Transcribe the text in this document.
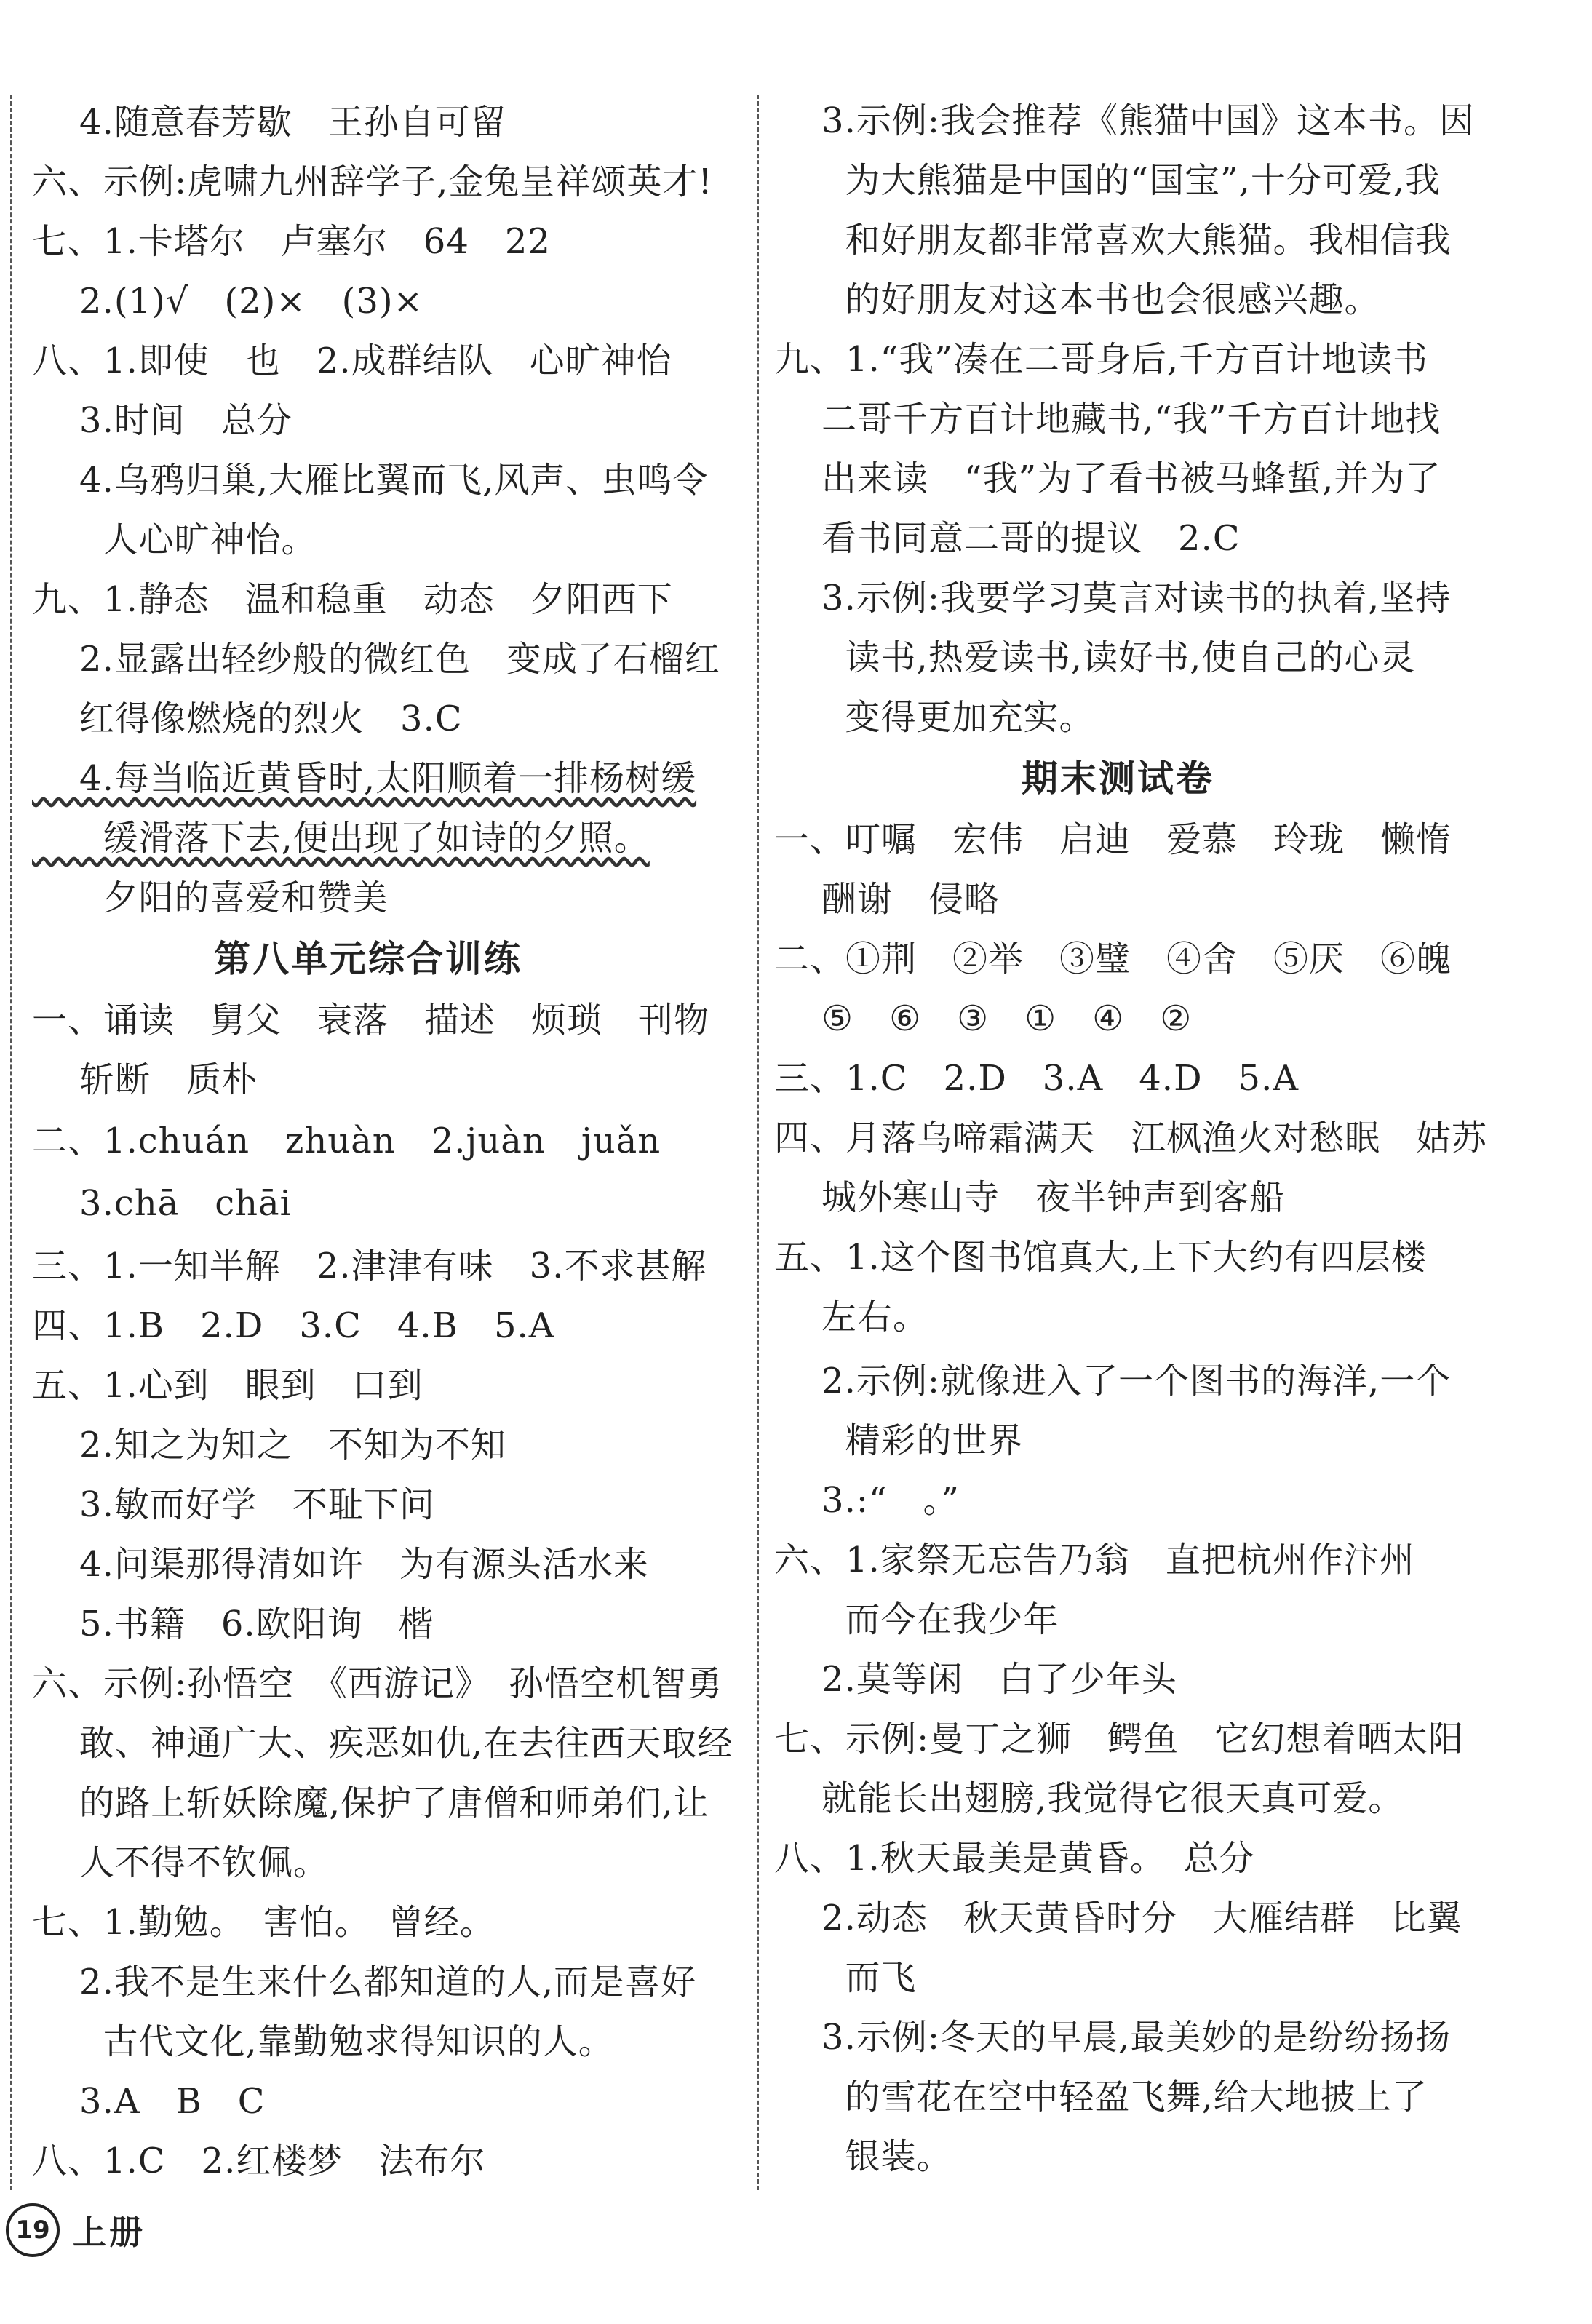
4.随意春芳歇　王孙自可留
六、示例:虎啸九州辞学子,金兔呈祥颂英才!
七、1.卡塔尔　卢塞尔　64　22
2.(1)√　(2)×　(3)×
八、1.即使　也　2.成群结队　心旷神怡
3.时间　总分
4.乌鸦归巢,大雁比翼而飞,风声、虫鸣令
人心旷神怡。
九、1.静态　温和稳重　动态　夕阳西下
2.显露出轻纱般的微红色　变成了石榴红
红得像燃烧的烈火　3.C
4.每当临近黄昏时,太阳顺着一排杨树缓
缓滑落下去,便出现了如诗的夕照。
夕阳的喜爱和赞美
第八单元综合训练
一、诵读　舅父　衰落　描述　烦琐　刊物
斩断　质朴
二、1.chuán　zhuàn　2.juàn　juǎn
3.chā　chāi
三、1.一知半解　2.津津有味　3.不求甚解
四、1.B　2.D　3.C　4.B　5.A
五、1.心到　眼到　口到
2.知之为知之　不知为不知
3.敏而好学　不耻下问
4.问渠那得清如许　为有源头活水来
5.书籍　6.欧阳询　楷
六、示例:孙悟空　《西游记》　孙悟空机智勇
敢、神通广大、疾恶如仇,在去往西天取经
的路上斩妖除魔,保护了唐僧和师弟们,让
人不得不钦佩。
七、1.勤勉。　害怕。　曾经。
2.我不是生来什么都知道的人,而是喜好
古代文化,靠勤勉求得知识的人。
3.A　B　C
八、1.C　2.红楼梦　法布尔
3.示例:我会推荐《熊猫中国》这本书。因
为大熊猫是中国的“国宝”,十分可爱,我
和好朋友都非常喜欢大熊猫。我相信我
的好朋友对这本书也会很感兴趣。
九、1.“我”凑在二哥身后,千方百计地读书
二哥千方百计地藏书,“我”千方百计地找
出来读　“我”为了看书被马蜂蜇,并为了
看书同意二哥的提议　2.C
3.示例:我要学习莫言对读书的执着,坚持
读书,热爱读书,读好书,使自己的心灵
变得更加充实。
期末测试卷
一、叮嘱　宏伟　启迪　爱慕　玲珑　懒惰
酬谢　侵略
二、①荆　②举　③璧　④舍　⑤厌　⑥魄
⑤　⑥　③　①　④　②
三、1.C　2.D　3.A　4.D　5.A
四、月落乌啼霜满天　江枫渔火对愁眠　姑苏
城外寒山寺　夜半钟声到客船
五、1.这个图书馆真大,上下大约有四层楼
左右。
2.示例:就像进入了一个图书的海洋,一个
精彩的世界
3.:“　。”
六、1.家祭无忘告乃翁　直把杭州作汴州
而今在我少年
2.莫等闲　白了少年头
七、示例:曼丁之狮　鳄鱼　它幻想着晒太阳
就能长出翅膀,我觉得它很天真可爱。
八、1.秋天最美是黄昏。　总分
2.动态　秋天黄昏时分　大雁结群　比翼
而飞
3.示例:冬天的早晨,最美妙的是纷纷扬扬
的雪花在空中轻盈飞舞,给大地披上了
银装。
19 上册
